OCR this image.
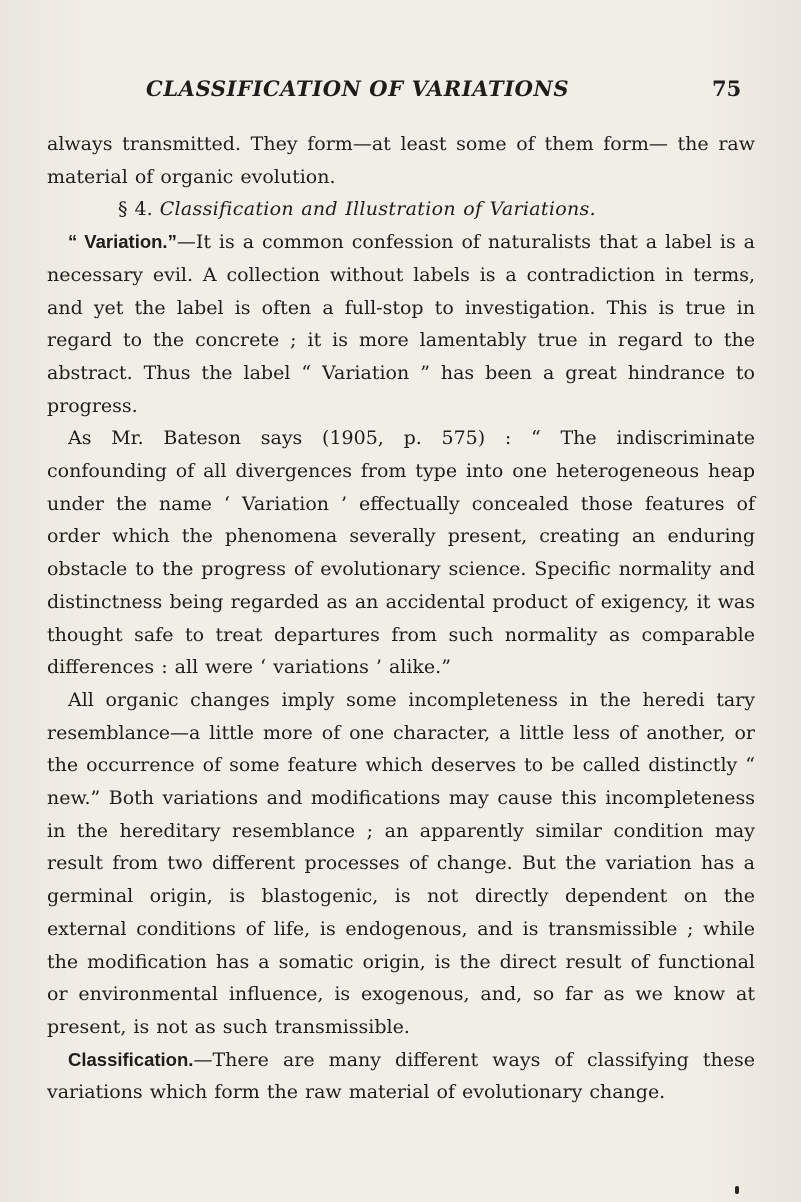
CLASSIFICATION OF VARIATIONS	75

always transmitted. They form—at least some of them form— the raw material of organic evolution.

§ 4. Classification and Illustration of Variations.

“ Variation.”—It is a common confession of naturalists that a label is a necessary evil. A collection without labels is a contradiction in terms, and yet the label is often a full-stop to investigation. This is true in regard to the concrete ; it is more lamentably true in regard to the abstract. Thus the label “ Variation ” has been a great hindrance to progress.

As Mr. Bateson says (1905, p. 575) : “ The indiscriminate confounding of all divergences from type into one heterogeneous heap under the name ‘ Variation ’ effectually concealed those features of order which the phenomena severally present, creating an enduring obstacle to the progress of evolutionary science. Specific normality and distinctness being regarded as an accidental product of exigency, it was thought safe to treat departures from such normality as comparable differences : all were ‘ variations ’ alike.”

All organic changes imply some incompleteness in the heredi tary resemblance—a little more of one character, a little less of another, or the occurrence of some feature which deserves to be called distinctly “ new.” Both variations and modifications may cause this incompleteness in the hereditary resemblance ; an apparently similar condition may result from two different processes of change. But the variation has a germinal origin, is blastogenic, is not directly dependent on the external conditions of life, is endogenous, and is transmissible ; while the modification has a somatic origin, is the direct result of functional or environmental influence, is exogenous, and, so far as we know at present, is not as such transmissible.

Classification.—There are many different ways of classifying these variations which form the raw material of evolutionary change.
